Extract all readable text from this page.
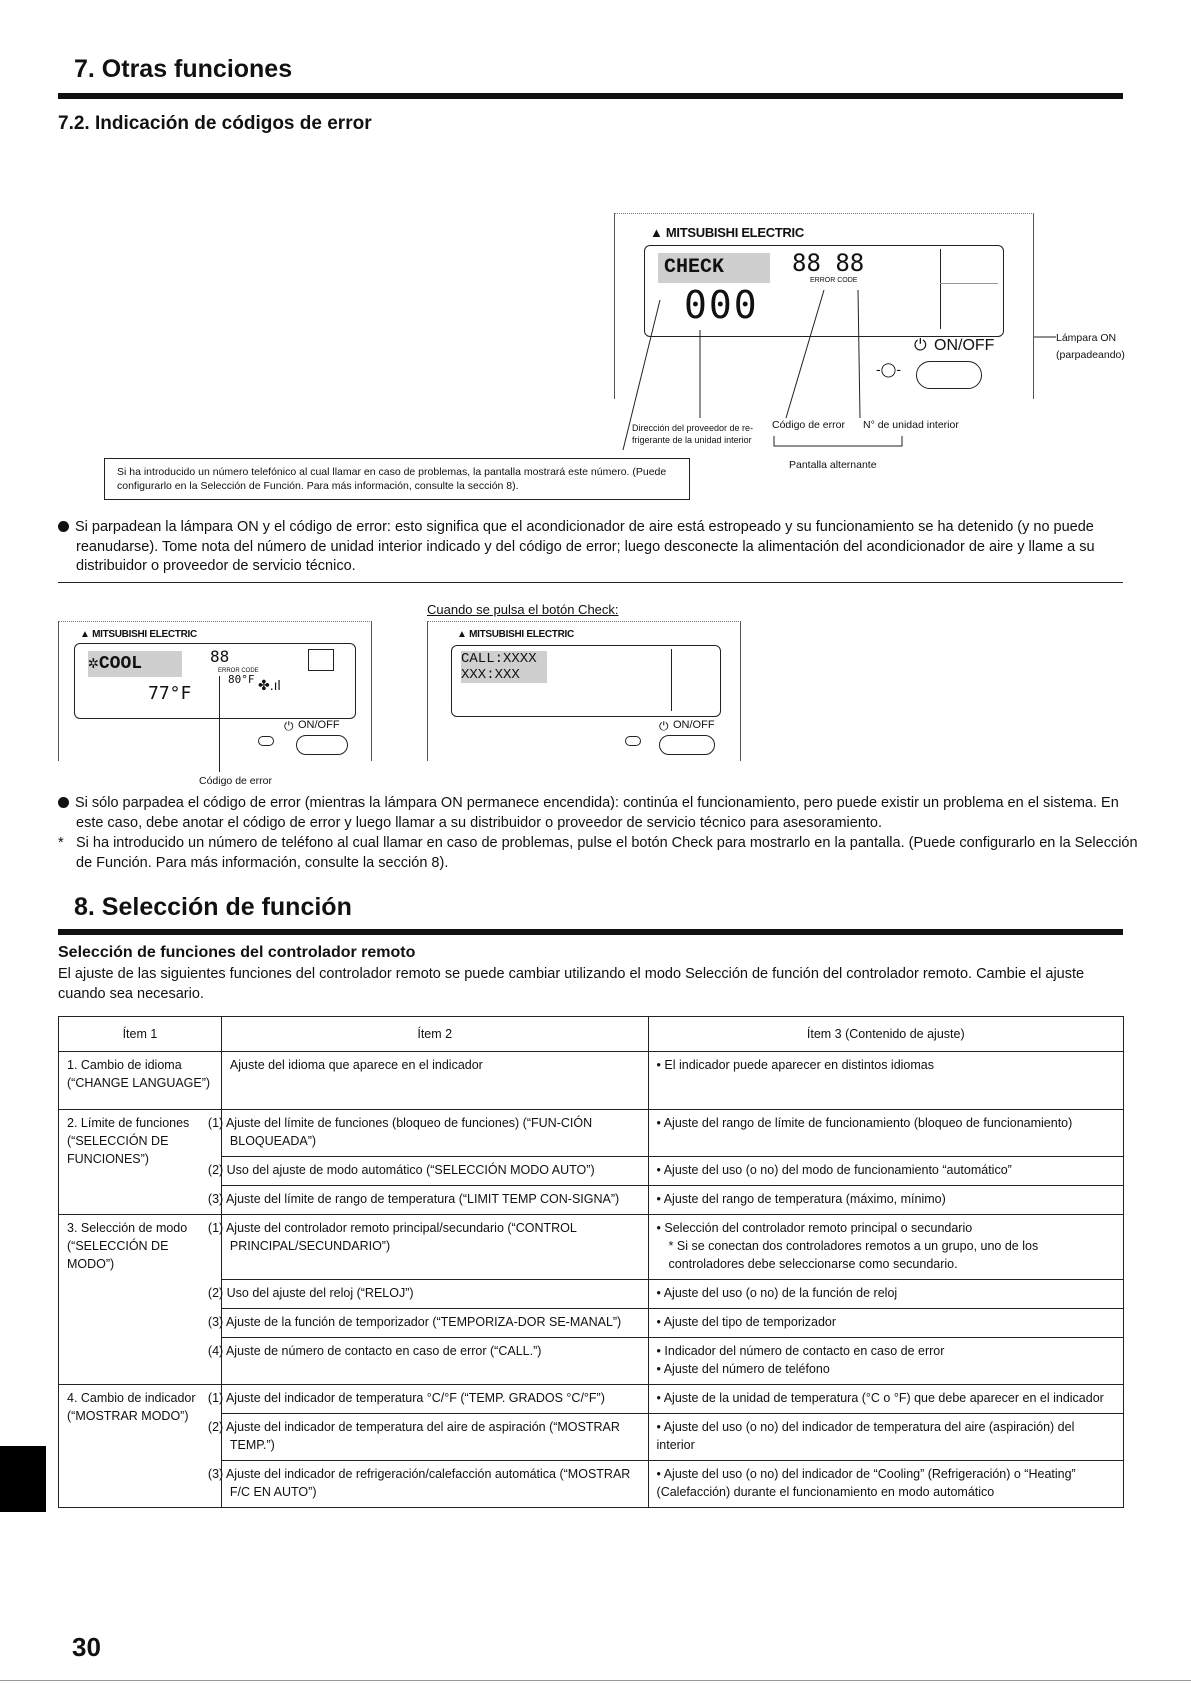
7. Otras funciones
7.2. Indicación de códigos de error
▲ MITSUBISHI ELECTRIC
CHECK
000
88 88
ERROR CODE
⏻ ON/OFF
-◯-
Lámpara ON
(parpadeando)
Dirección del proveedor de re- frigerante de la unidad interior
Código de error N° de unidad interior
Pantalla alternante
Si ha introducido un número telefónico al cual llamar en caso de problemas, la pantalla mostrará este número. (Puede configurarlo en la Selección de Función. Para más información, consulte la sección 8).
Si parpadean la lámpara ON y el código de error: esto significa que el acondicionador de aire está estropeado y su funcionamiento se ha detenido (y no puede reanudarse). Tome nota del número de unidad interior indicado y del código de error; luego desconecte la alimentación del acondicionador de aire y llame a su distribuidor o proveedor de servicio técnico.
▲ MITSUBISHI ELECTRIC
✲COOL
77°F
88
ERROR CODE
80°F ✤.ıl
⏻ ON/OFF
Código de error
Cuando se pulsa el botón Check:
▲ MITSUBISHI ELECTRIC
CALL:XXXX
XXX:XXX
⏻ ON/OFF
Si sólo parpadea el código de error (mientras la lámpara ON permanece encendida): continúa el funcionamiento, pero puede existir un problema en el sistema. En este caso, debe anotar el código de error y luego llamar a su distribuidor o proveedor de servicio técnico para asesoramiento.
* Si ha introducido un número de teléfono al cual llamar en caso de problemas, pulse el botón Check para mostrarlo en la pantalla. (Puede configurarlo en la Selección de Función. Para más información, consulte la sección 8).
8. Selección de función
Selección de funciones del controlador remoto
El ajuste de las siguientes funciones del controlador remoto se puede cambiar utilizando el modo Selección de función del controlador remoto. Cambie el ajuste cuando sea necesario.
Ítem 1	Ítem 2	Ítem 3 (Contenido de ajuste)
1. Cambio de idioma (“CHANGE LANGUAGE”)	Ajuste del idioma que aparece en el indicador	• El indicador puede aparecer en distintos idiomas

2. Límite de funciones (“SELECCIÓN DE FUNCIONES”)	(1) Ajuste del límite de funciones (bloqueo de funciones) (“FUN-CIÓN BLOQUEADA”)	• Ajuste del rango de límite de funcionamiento (bloqueo de funcionamiento)

	(2) Uso del ajuste de modo automático (“SELECCIÓN MODO AUTO”)	• Ajuste del uso (o no) del modo de funcionamiento “automático”

	(3) Ajuste del límite de rango de temperatura (“LIMIT TEMP CON-SIGNA”)	• Ajuste del rango de temperatura (máximo, mínimo)

3. Selección de modo (“SELECCIÓN DE MODO”)	(1) Ajuste del controlador remoto principal/secundario (“CONTROL PRINCIPAL/SECUNDARIO”)	• Selección del controlador remoto principal o secundario
* Si se conectan dos controladores remotos a un grupo, uno de los controladores debe seleccionarse como secundario.

	(2) Uso del ajuste del reloj (“RELOJ”)	• Ajuste del uso (o no) de la función de reloj

	(3) Ajuste de la función de temporizador (“TEMPORIZA-DOR SE-MANAL”)	• Ajuste del tipo de temporizador

	(4) Ajuste de número de contacto en caso de error (“CALL.”)	• Indicador del número de contacto en caso de error
• Ajuste del número de teléfono

4. Cambio de indicador (“MOSTRAR MODO”)	(1) Ajuste del indicador de temperatura °C/°F (“TEMP. GRADOS °C/°F”)	• Ajuste de la unidad de temperatura (°C o °F) que debe aparecer en el indicador

	(2) Ajuste del indicador de temperatura del aire de aspiración (“MOSTRAR TEMP.”)	• Ajuste del uso (o no) del indicador de temperatura del aire (aspiración) del interior

	(3) Ajuste del indicador de refrigeración/calefacción automática (“MOSTRAR F/C EN AUTO”)	• Ajuste del uso (o no) del indicador de “Cooling” (Refrigeración) o “Heating” (Calefacción) durante el funcionamiento en modo automático
30
